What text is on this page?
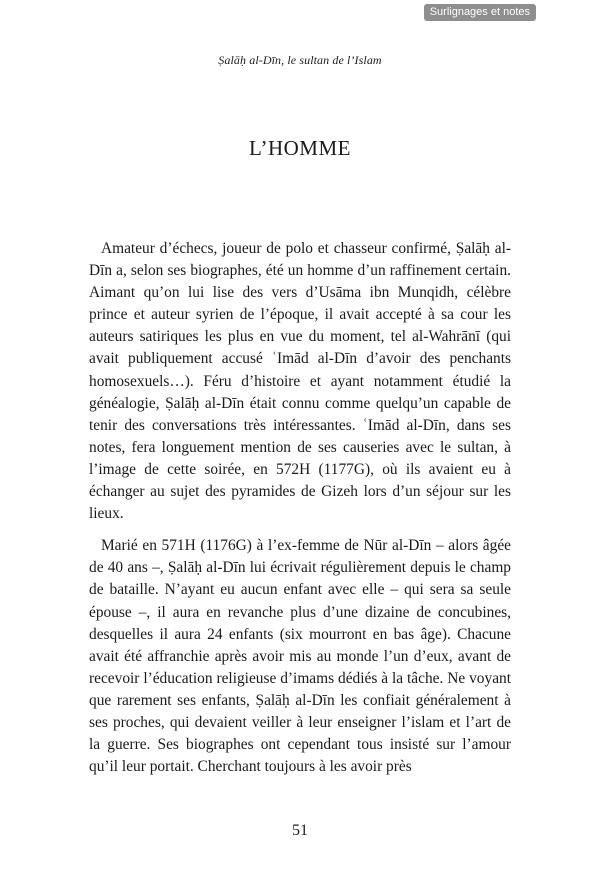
Surlignages et notes
Ṣalāḥ al-Dīn, le sultan de l’Islam
L’HOMME

Amateur d’échecs, joueur de polo et chasseur confirmé, Ṣalāḥ al-Dīn a, selon ses biographes, été un homme d’un raffinement certain. Aimant qu’on lui lise des vers d’Usāma ibn Munqidh, célèbre prince et auteur syrien de l’époque, il avait accepté à sa cour les auteurs satiriques les plus en vue du moment, tel al-Wahrānī (qui avait publiquement accusé ʿImād al-Dīn d’avoir des penchants homosexuels…). Féru d’histoire et ayant notamment étudié la généalogie, Ṣalāḥ al-Dīn était connu comme quelqu’un capable de tenir des conversations très intéressantes. ʿImād al-Dīn, dans ses notes, fera longuement mention de ses causeries avec le sultan, à l’image de cette soirée, en 572H (1177G), où ils avaient eu à échanger au sujet des pyramides de Gizeh lors d’un séjour sur les lieux.

Marié en 571H (1176G) à l’ex-femme de Nūr al-Dīn – alors âgée de 40 ans –, Ṣalāḥ al-Dīn lui écrivait régulièrement depuis le champ de bataille. N’ayant eu aucun enfant avec elle – qui sera sa seule épouse –, il aura en revanche plus d’une dizaine de concubines, desquelles il aura 24 enfants (six mourront en bas âge). Chacune avait été affranchie après avoir mis au monde l’un d’eux, avant de recevoir l’éducation religieuse d’imams dédiés à la tâche. Ne voyant que rarement ses enfants, Ṣalāḥ al-Dīn les confiait généralement à ses proches, qui devaient veiller à leur enseigner l’islam et l’art de la guerre. Ses biographes ont cependant tous insisté sur l’amour qu’il leur portait. Cherchant toujours à les avoir près

51
